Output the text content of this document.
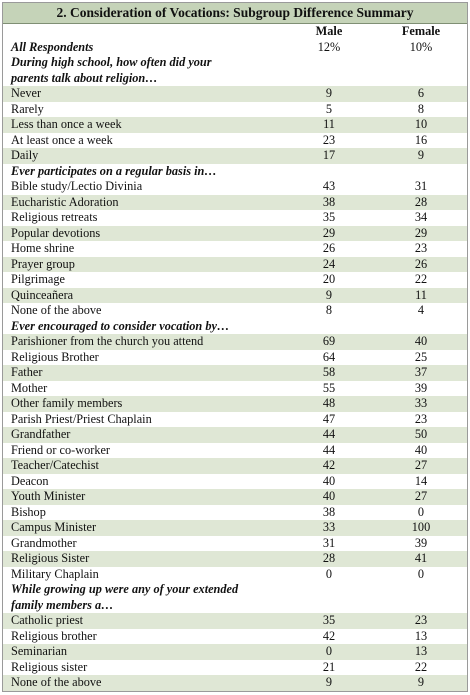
2. Consideration of Vocations: Subgroup Difference Summary
	Male	Female
All Respondents	12%	10%
During high school, how often did your parents talk about religion…		
Never	9	6
Rarely	5	8
Less than once a week	11	10
At least once a week	23	16
Daily	17	9
Ever participates on a regular basis in…		
Bible study/Lectio Divinia	43	31
Eucharistic Adoration	38	28
Religious retreats	35	34
Popular devotions	29	29
Home shrine	26	23
Prayer group	24	26
Pilgrimage	20	22
Quinceañera	9	11
None of the above	8	4
Ever encouraged to consider vocation by…		
Parishioner from the church you attend	69	40
Religious Brother	64	25
Father	58	37
Mother	55	39
Other family members	48	33
Parish Priest/Priest Chaplain	47	23
Grandfather	44	50
Friend or co-worker	44	40
Teacher/Catechist	42	27
Deacon	40	14
Youth Minister	40	27
Bishop	38	0
Campus Minister	33	100
Grandmother	31	39
Religious Sister	28	41
Military Chaplain	0	0
While growing up were any of your extended family members a…		
Catholic priest	35	23
Religious brother	42	13
Seminarian	0	13
Religious sister	21	22
None of the above	9	9
